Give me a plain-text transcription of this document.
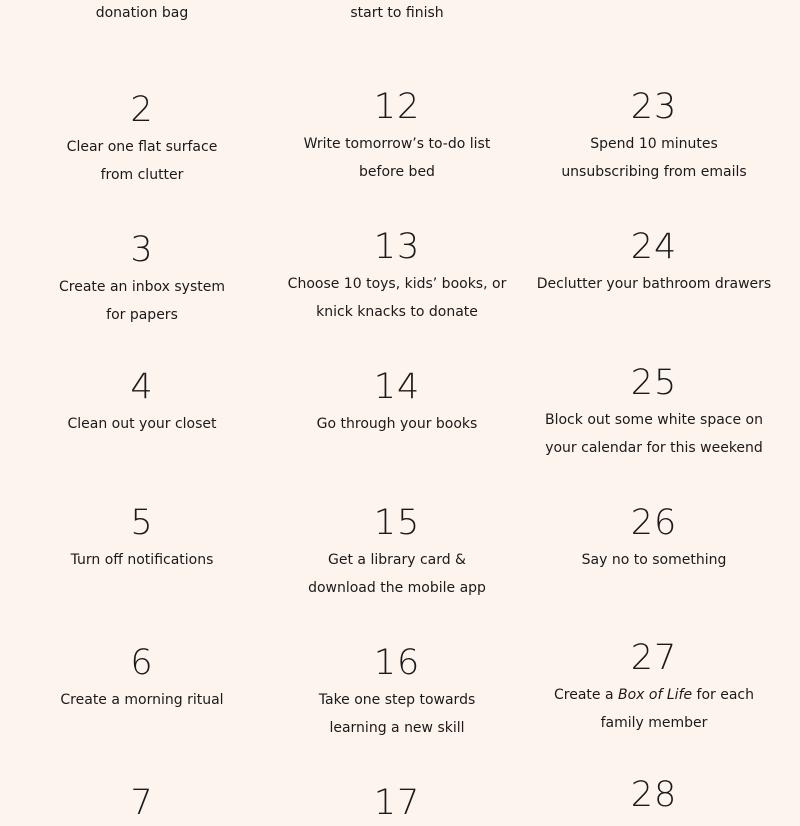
donation bag
2
Clear one flat surface
from clutter
3
Create an inbox system
for papers
4
Clean out your closet
5
Turn off notifications
6
Create a morning ritual
7
start to finish
12
Write tomorrow’s to-do list
before bed
13
Choose 10 toys, kids’ books, or
knick knacks to donate
14
Go through your books
15
Get a library card &
download the mobile app
16
Take one step towards
learning a new skill
17
23
Spend 10 minutes
unsubscribing from emails
24
Declutter your bathroom drawers
25
Block out some white space on
your calendar for this weekend
26
Say no to something
27
Create a Box of Life for each
family member
28
